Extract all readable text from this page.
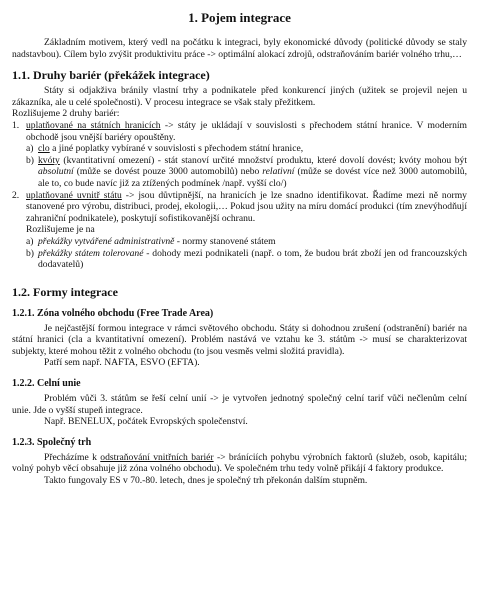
1. Pojem integrace

Základním motivem, který vedl na počátku k integraci, byly ekonomické důvody (politické důvody se staly nadstavbou). Cílem bylo zvýšit produktivitu práce -> optimální alokací zdrojů, odstraňováním bariér volného trhu,…

1.1. Druhy bariér (překážek integrace)

Státy si odjakživa bránily vlastní trhy a podnikatele před konkurencí jiných (užitek se projevil nejen u zákazníka, ale u celé společnosti). V procesu integrace se však staly přežitkem.

Rozlišujeme 2 druhy bariér:

1. uplatňované na státních hranicích -> státy je ukládají v souvislosti s přechodem státní hranice. V moderním obchodě jsou vnější bariéry opouštěny.
a) clo a jiné poplatky vybírané v souvislosti s přechodem státní hranice,
b) kvóty (kvantitativní omezení) - stát stanoví určité množství produktu, které dovolí dovést; kvóty mohou být absolutní (může se dovést pouze 3000 automobilů) nebo relativní (může se dovést více než 3000 automobilů, ale to, co bude navíc již za ztížených podmínek /např. vyšší clo/)
2. uplatňované uvnitř státu -> jsou důvtipnější, na hranicích je lze snadno identifikovat. Řadíme mezi ně normy stanovené pro výrobu, distribuci, prodej, ekologii,… Pokud jsou užity na míru domácí produkci (tím znevýhodňují zahraniční podnikatele), poskytují sofistikovanější ochranu.

Rozlišujeme je na

a) překážky vytvářené administrativně - normy stanovené státem
b) překážky státem tolerované - dohody mezi podnikateli (např. o tom, že budou brát zboží jen od francouzských dodavatelů)
1.2. Formy integrace
1.2.1. Zóna volného obchodu (Free Trade Area)

Je nejčastější formou integrace v rámci světového obchodu. Státy si dohodnou zrušení (odstranění) bariér na státní hranici (cla a kvantitativní omezení). Problém nastává ve vztahu ke 3. státům -> musí se charakterizovat subjekty, které mohou těžit z volného obchodu (to jsou vesměs velmi složitá pravidla).

Patří sem např. NAFTA, ESVO (EFTA).

1.2.2. Celní unie

Problém vůči 3. státům se řeší celní unií -> je vytvořen jednotný společný celní tarif vůči nečlenům celní unie. Jde o vyšší stupeň integrace.

Např. BENELUX, počátek Evropských společenství.

1.2.3. Společný trh

Přecházíme k odstraňování vnitřních bariér -> bráníciích pohybu výrobních faktorů (služeb, osob, kapitálu; volný pohyb věcí obsahuje již zóna volného obchodu). Ve společném trhu tedy volně přikájí 4 faktory produkce.

Takto fungovaly ES v 70.-80. letech, dnes je společný trh překonán dalším stupněm.
